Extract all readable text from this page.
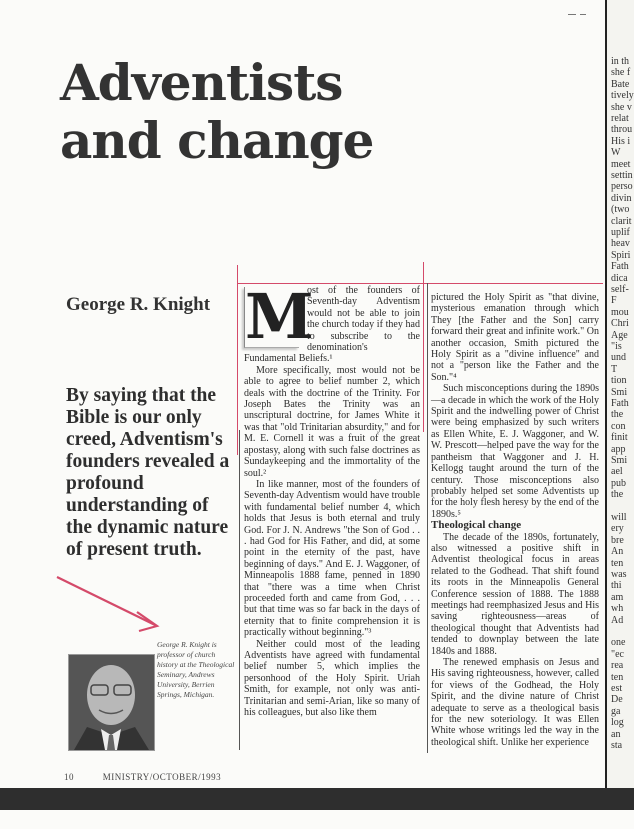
Adventists
and change
George R. Knight
By saying that the Bible is our only creed, Adventism's founders revealed a profound understanding of the dynamic nature of present truth.
George R. Knight is professor of church history at the Theological Seminary, Andrews University, Berrien Springs, Michigan.
in th
she f
Bate
tively
she v
relat
throu
His i
W
meet
settin
perso
divin
(two
clarit
uplif
heav
Spiri
Fath
dica
self-
F
mou
Chri
Age
"is
und
T
tion
Smi
Fath
the
con
finit
app
Smi
ael
pub
the
will
ery
bre
An
ten
was
thi
am
wh
Ad
one
"ec
rea
ten
est
De
ga
log
an
sta

M
ost of the founders of Seventh-day Adventism would not be able to join the church today if they had to subscribe to the denomination's Fundamental Beliefs.¹

More specifically, most would not be able to agree to belief number 2, which deals with the doctrine of the Trinity. For Joseph Bates the Trinity was an unscriptural doctrine, for James White it was that "old Trinitarian absurdity," and for M. E. Cornell it was a fruit of the great apostasy, along with such false doctrines as Sundaykeeping and the immortality of the soul.²

In like manner, most of the founders of Seventh-day Adventism would have trouble with fundamental belief number 4, which holds that Jesus is both eternal and truly God. For J. N. Andrews "the Son of God . . . had God for His Father, and did, at some point in the eternity of the past, have beginning of days." And E. J. Waggoner, of Minneapolis 1888 fame, penned in 1890 that "there was a time when Christ proceeded forth and came from God, . . . but that time was so far back in the days of eternity that to finite comprehension it is practically without beginning."³

Neither could most of the leading Adventists have agreed with fundamental belief number 5, which implies the personhood of the Holy Spirit. Uriah Smith, for example, not only was anti-Trinitarian and semi-Arian, like so many of his colleagues, but also like them

pictured the Holy Spirit as "that divine, mysterious emanation through which They [the Father and the Son] carry forward their great and infinite work." On another occasion, Smith pictured the Holy Spirit as a "divine influence" and not a "person like the Father and the Son."⁴

Such misconceptions during the 1890s—a decade in which the work of the Holy Spirit and the indwelling power of Christ were being emphasized by such writers as Ellen White, E. J. Waggoner, and W. W. Prescott—helped pave the way for the pantheism that Waggoner and J. H. Kellogg taught around the turn of the century. Those misconceptions also probably helped set some Adventists up for the holy flesh heresy by the end of the 1890s.⁵

Theological change

The decade of the 1890s, fortunately, also witnessed a positive shift in Adventist theological focus in areas related to the Godhead. That shift found its roots in the Minneapolis General Conference session of 1888. The 1888 meetings had reemphasized Jesus and His saving righteousness—areas of theological thought that Adventists had tended to downplay between the late 1840s and 1888.

The renewed emphasis on Jesus and His saving righteousness, however, called for views of the Godhead, the Holy Spirit, and the divine nature of Christ adequate to serve as a theological basis for the new soteriology. It was Ellen White whose writings led the way in the theological shift. Unlike her experience

10	MINISTRY/OCTOBER/1993
